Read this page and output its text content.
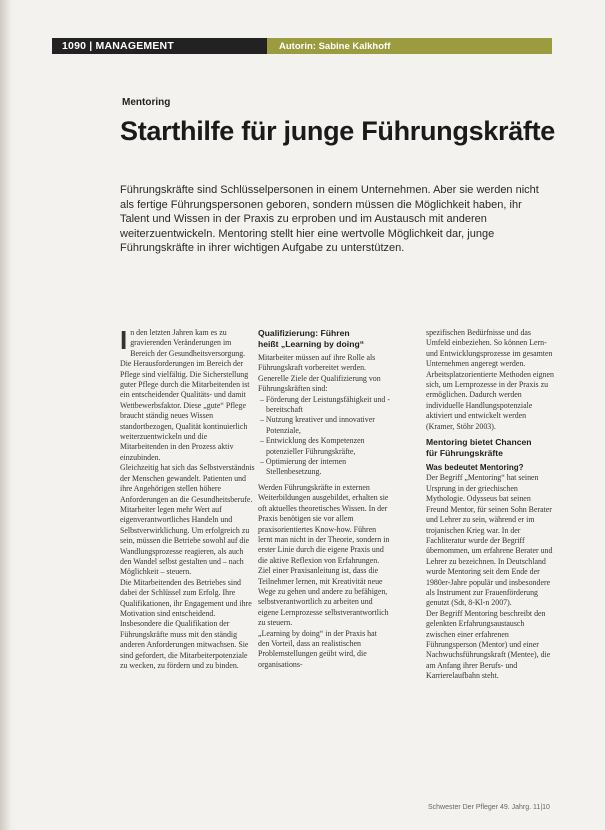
1090 | MANAGEMENT	Autorin: Sabine Kalkhoff
Mentoring
Starthilfe für junge Führungskräfte
Führungskräfte sind Schlüsselpersonen in einem Unternehmen. Aber sie werden nicht als fertige Führungspersonen geboren, sondern müssen die Möglichkeit haben, ihr Talent und Wissen in der Praxis zu erproben und im Austausch mit anderen weiterzuentwickeln. Mentoring stellt hier eine wertvolle Möglichkeit dar, junge Führungskräfte in ihrer wichtigen Aufgabe zu unterstützen.

In den letzten Jahren kam es zu gravierenden Veränderungen im Bereich der Gesundheitsversorgung. Die Herausforderungen im Bereich der Pflege sind vielfältig. Die Sicherstellung guter Pflege durch die Mitarbeitenden ist ein entscheidender Qualitäts- und damit Wettbewerbsfaktor. Diese „gute“ Pflege braucht ständig neues Wissen standortbezogen, Qualität kontinuierlich weiterzuentwickeln und die Mitarbeitenden in den Prozess aktiv einzubinden.

Gleichzeitig hat sich das Selbstverständnis der Menschen gewandelt. Patienten und ihre Angehörigen stellen höhere Anforderungen an die Gesundheitsberufe. Mitarbeiter legen mehr Wert auf eigenverantwortliches Handeln und Selbstverwirklichung. Um erfolgreich zu sein, müssen die Betriebe sowohl auf die Wandlungsprozesse reagieren, als auch den Wandel selbst gestalten und – nach Möglichkeit – steuern.

Die Mitarbeitenden des Betriebes sind dabei der Schlüssel zum Erfolg. Ihre Qualifikationen, ihr Engagement und ihre Motivation sind entscheidend. Insbesondere die Qualifikation der Führungskräfte muss mit den ständig anderen Anforderungen mitwachsen. Sie sind gefordert, die Mitarbeiterpotenziale zu wecken, zu fördern und zu binden.

Qualifizierung: Führen
heißt „Learning by doing“

Mitarbeiter müssen auf ihre Rolle als Führungskraft vorbereitet werden. Generelle Ziele der Qualifizierung von Führungskräften sind:

– Förderung der Leistungsfähigkeit und -bereitschaft
– Nutzung kreativer und innovativer Potenziale,
– Entwicklung des Kompetenzen potenzieller Führungskräfte,
– Optimierung der internen Stellenbesetzung.

Werden Führungskräfte in externen Weiterbildungen ausgebildet, erhalten sie oft aktuelles theoretisches Wissen. In der Praxis benötigen sie vor allem praxisorientiertes Know-how. Führen lernt man nicht in der Theorie, sondern in erster Linie durch die eigene Praxis und die aktive Reflexion von Erfahrungen.

Ziel einer Praxisanleitung ist, dass die Teilnehmer lernen, mit Kreativität neue Wege zu gehen und andere zu befähigen, selbstverantwortlich zu arbeiten und eigene Lernprozesse selbstverantwortlich zu steuern.

„Learning by doing“ in der Praxis hat den Vorteil, dass an realistischen Problemstellungen geübt wird, die organisations-

spezifischen Bedürfnisse und das Umfeld einbeziehen. So können Lern- und Entwicklungsprozesse im gesamten Unternehmen angeregt werden. Arbeitsplatzorientierte Methoden eignen sich, um Lernprozesse in der Praxis zu ermöglichen. Dadurch werden individuelle Handlungspotenziale aktiviert und entwickelt werden (Kramer, Stöhr 2003).

Mentoring bietet Chancen
für Führungskräfte
Was bedeutet Mentoring?

Der Begriff „Mentoring“ hat seinen Ursprung in der griechischen Mythologie. Odysseus bat seinen Freund Mentor, für seinen Sohn Berater und Lehrer zu sein, während er im trojanischen Krieg war. In der Fachliteratur wurde der Begriff übernommen, um erfahrene Berater und Lehrer zu bezeichnen. In Deutschland wurde Mentoring seit dem Ende der 1980er-Jahre populär und insbesondere als Instrument zur Frauenförderung genutzt (Sdt, 8-Kl-n 2007).

Der Begriff Mentoring beschreibt den gelenkten Erfahrungsaustausch zwischen einer erfahrenen Führungsperson (Mentor) und einer Nachwuchsführungskraft (Mentee), die am Anfang ihrer Berufs- und Karrierelaufbahn steht.

Schwester Der Pfleger 49. Jahrg. 11|10
